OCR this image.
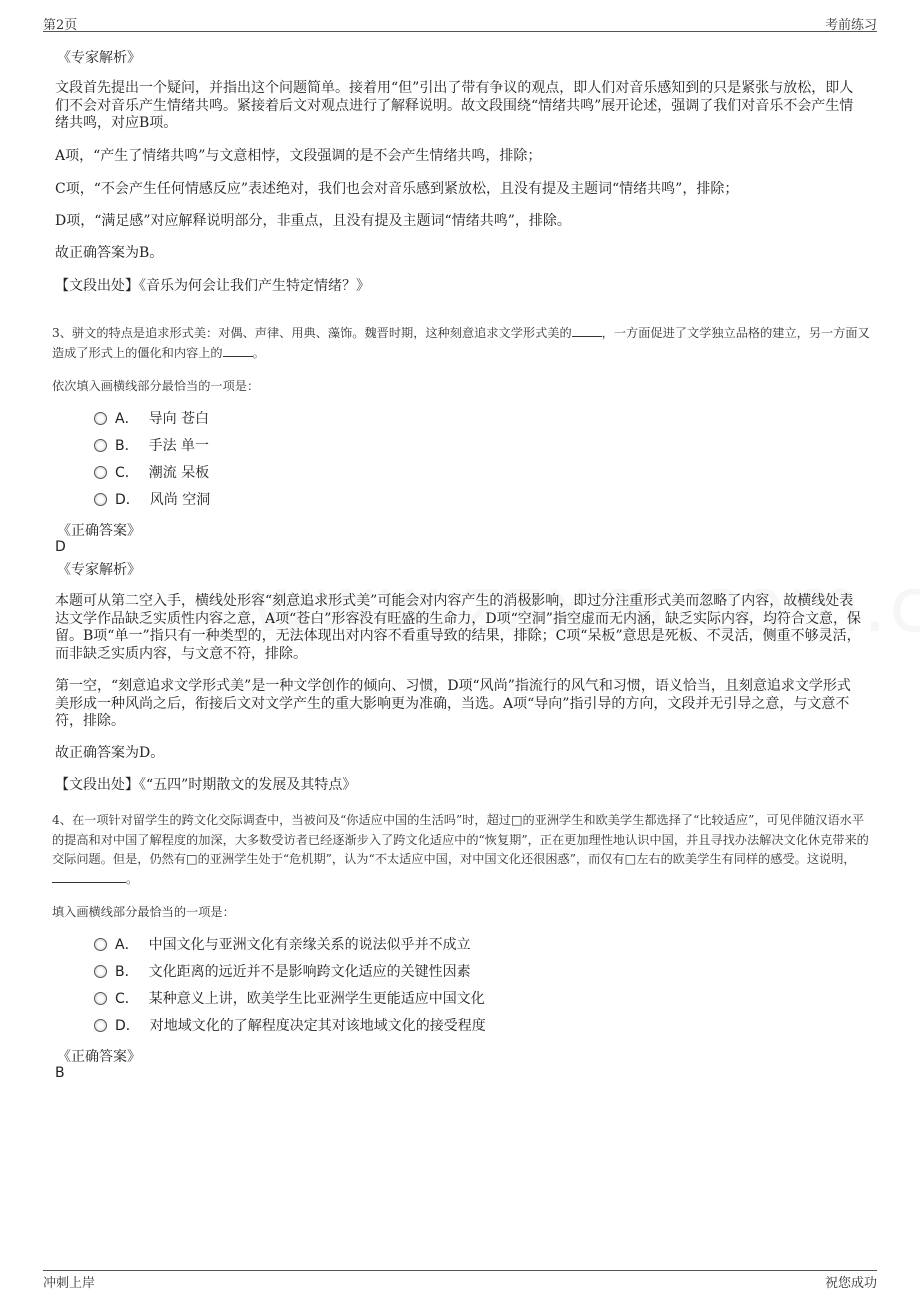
第2页	考前练习
《专家解析》
文段首先提出一个疑问，并指出这个问题简单。接着用“但”引出了带有争议的观点，即人们对音乐感知到的只是紧张与放松，即人们不会对音乐产生情绪共鸣。紧接着后文对观点进行了解释说明。故文段围绕“情绪共鸣”展开论述，强调了我们对音乐不会产生情绪共鸣，对应B项。
A项，“产生了情绪共鸣”与文意相悖，文段强调的是不会产生情绪共鸣，排除；
C项，“不会产生任何情感反应”表述绝对，我们也会对音乐感到紧放松，且没有提及主题词“情绪共鸣”，排除；
D项，“满足感”对应解释说明部分，非重点，且没有提及主题词“情绪共鸣”，排除。
故正确答案为B。
【文段出处】《音乐为何会让我们产生特定情绪？》
3、骈文的特点是追求形式美：对偶、声律、用典、藻饰。魏晋时期，这种刻意追求文学形式美的 ，一方面促进了文学独立品格的建立，另一方面又造成了形式上的僵化和内容上的 。
依次填入画横线部分最恰当的一项是：
A． 导向 苍白
B． 手法 单一
C． 潮流 呆板
D． 风尚 空洞
《正确答案》
D
《专家解析》
本题可从第二空入手，横线处形容“刻意追求形式美”可能会对内容产生的消极影响，即过分注重形式美而忽略了内容，故横线处表达文学作品缺乏实质性内容之意，A项“苍白”形容没有旺盛的生命力，D项“空洞”指空虚而无内涵，缺乏实际内容，均符合文意，保留。B项“单一”指只有一种类型的，无法体现出对内容不看重导致的结果，排除；C项“呆板”意思是死板、不灵活，侧重不够灵活，而非缺乏实质内容，与文意不符，排除。
第一空，“刻意追求文学形式美”是一种文学创作的倾向、习惯，D项“风尚”指流行的风气和习惯，语义恰当，且刻意追求文学形式美形成一种风尚之后，衔接后文对文学产生的重大影响更为准确，当选。A项“导向”指引导的方向，文段并无引导之意，与文意不符，排除。
故正确答案为D。
【文段出处】《“五四”时期散文的发展及其特点》
4、在一项针对留学生的跨文化交际调查中，当被问及“你适应中国的生活吗”时，超过□的亚洲学生和欧美学生都选择了“比较适应”，可见伴随汉语水平的提高和对中国了解程度的加深，大多数受访者已经逐渐步入了跨文化适应中的“恢复期”，正在更加理性地认识中国，并且寻找办法解决文化休克带来的交际问题。但是，仍然有□的亚洲学生处于“危机期”，认为“不太适应中国，对中国文化还很困惑”，而仅有□左右的欧美学生有同样的感受。这说明，。
填入画横线部分最恰当的一项是：
A． 中国文化与亚洲文化有亲缘关系的说法似乎并不成立
B． 文化距离的远近并不是影响跨文化适应的关键性因素
C． 某种意义上讲，欧美学生比亚洲学生更能适应中国文化
D． 对地域文化的了解程度决定其对该地域文化的接受程度
《正确答案》
B
冲刺上岸	祝您成功
